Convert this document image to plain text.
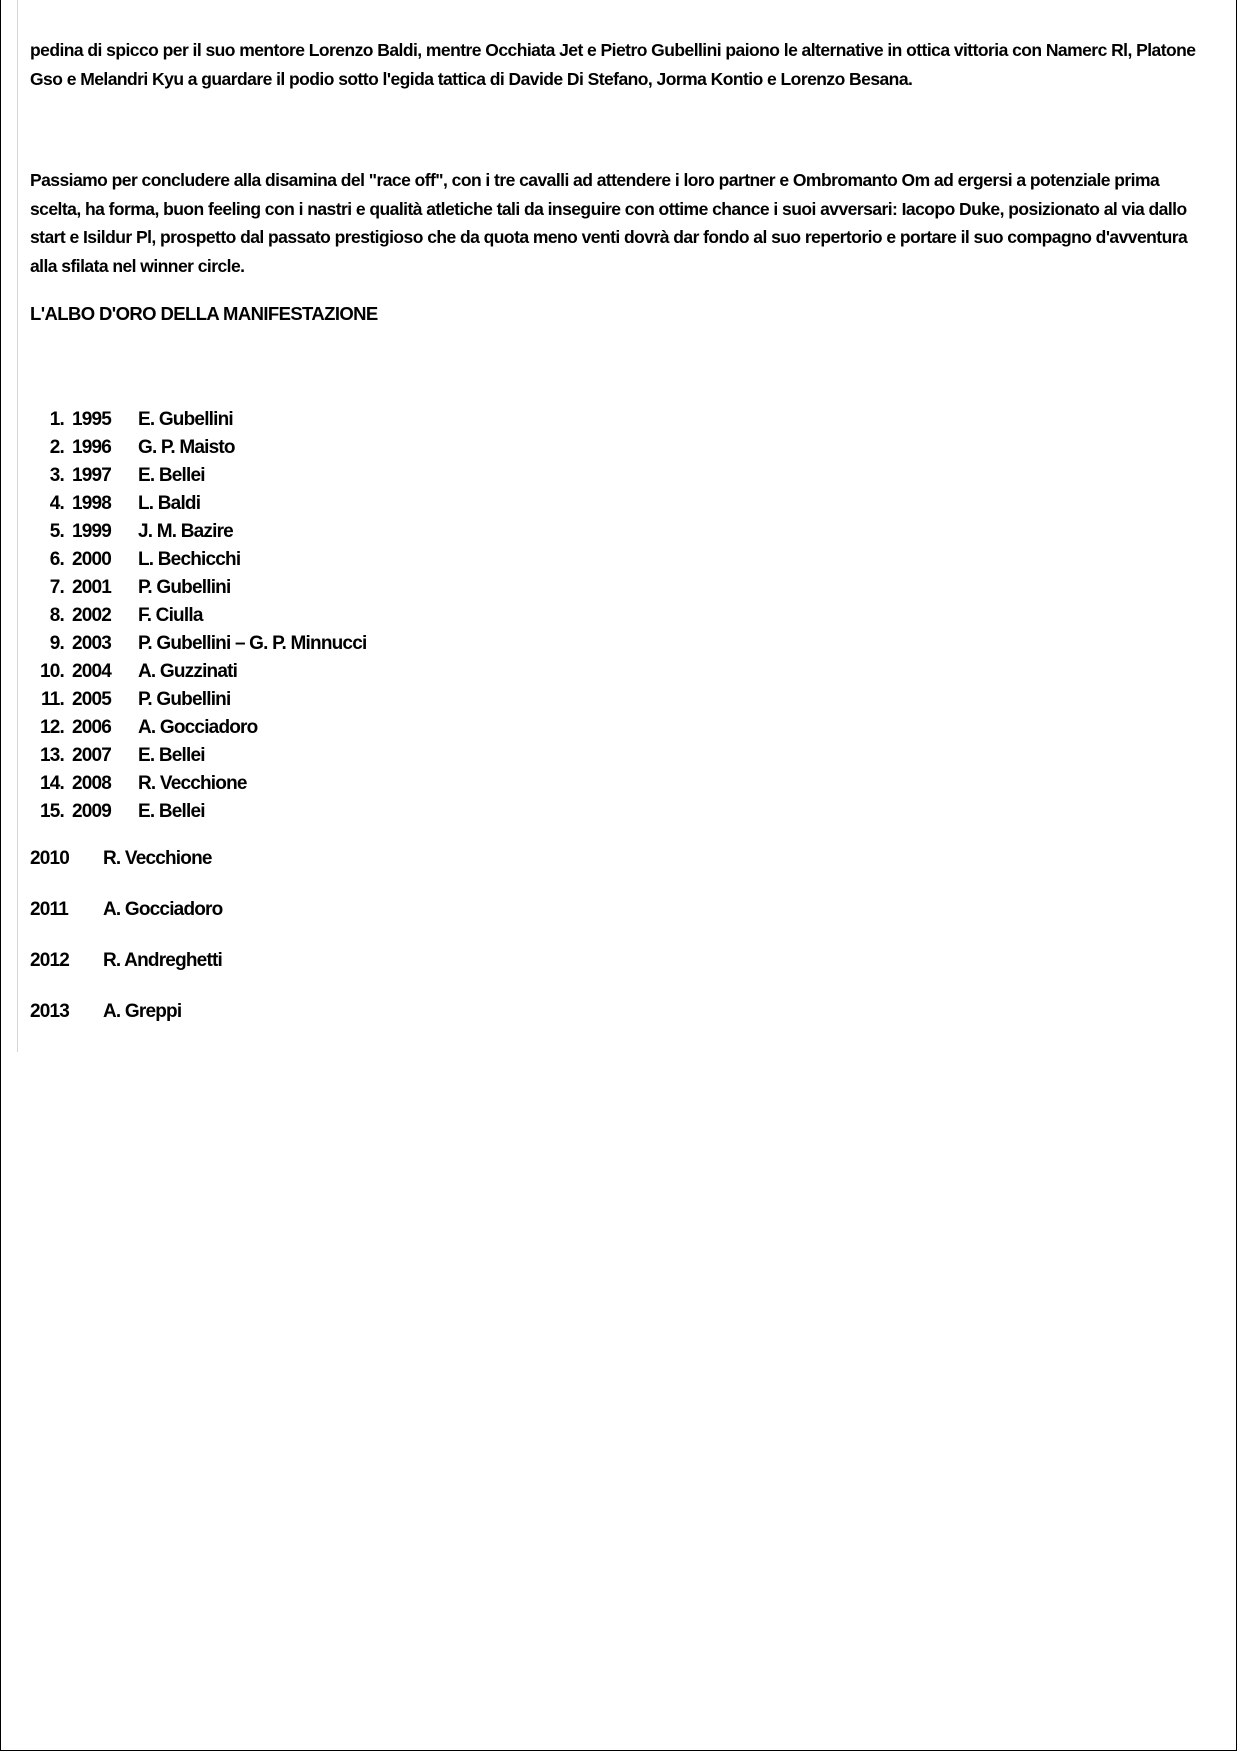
pedina di spicco per il suo mentore Lorenzo Baldi, mentre Occhiata Jet e Pietro Gubellini paiono le alternative in ottica vittoria con Namerc Rl, Platone Gso e Melandri Kyu a guardare il podio sotto l'egida tattica di Davide Di Stefano, Jorma Kontio e Lorenzo Besana.
Passiamo per concludere alla disamina del "race off", con i tre cavalli ad attendere i loro partner e Ombromanto Om ad ergersi a potenziale prima scelta, ha forma, buon feeling con i nastri e qualità atletiche tali da inseguire con ottime chance i suoi avversari: Iacopo Duke, posizionato al via dallo start e Isildur Pl, prospetto dal passato prestigioso che da quota meno venti dovrà dar fondo al suo repertorio e portare il suo compagno d'avventura alla sfilata nel winner circle.
L'ALBO D'ORO DELLA MANIFESTAZIONE
1. 1995	E. Gubellini
2. 1996	G. P. Maisto
3. 1997	E. Bellei
4. 1998	L. Baldi
5. 1999	J. M. Bazire
6. 2000	L. Bechicchi
7. 2001	P. Gubellini
8. 2002	F. Ciulla
9. 2003	P. Gubellini – G. P. Minnucci
10. 2004	A. Guzzinati
11. 2005	P. Gubellini
12. 2006	A. Gocciadoro
13. 2007	E. Bellei
14. 2008	R. Vecchione
15. 2009	E. Bellei
2010	R. Vecchione
2011	A. Gocciadoro
2012	R. Andreghetti
2013	A. Greppi
